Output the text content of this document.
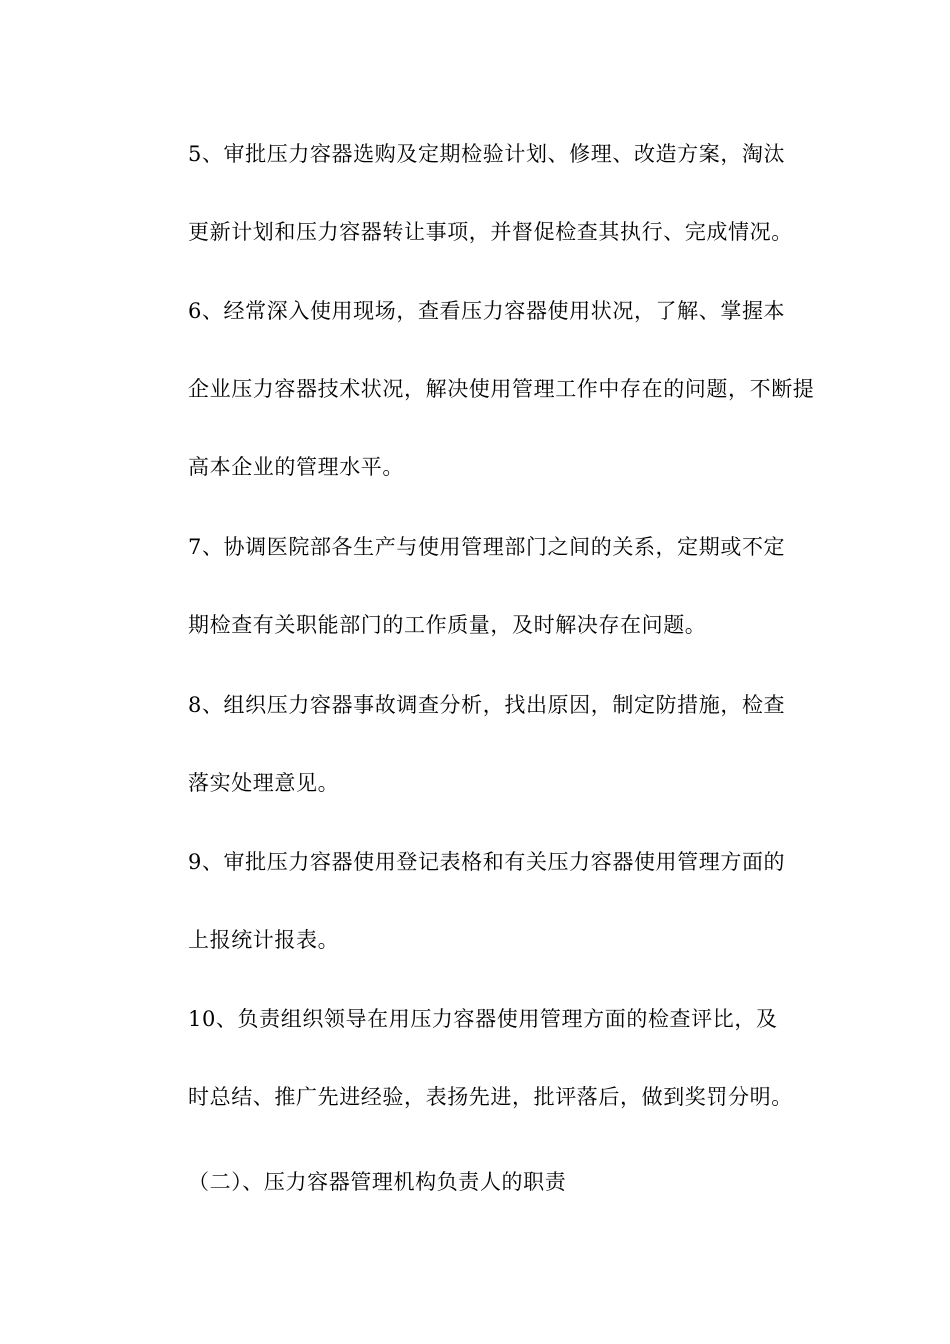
5、审批压力容器选购及定期检验计划、修理、改造方案，淘汰
更新计划和压力容器转让事项，并督促检查其执行、完成情况。

6、经常深入使用现场，查看压力容器使用状况，了解、掌握本
企业压力容器技术状况，解决使用管理工作中存在的问题，不断提
高本企业的管理水平。

7、协调医院部各生产与使用管理部门之间的关系，定期或不定
期检查有关职能部门的工作质量，及时解决存在问题。

8、组织压力容器事故调查分析，找出原因，制定防措施，检查
落实处理意见。

9、审批压力容器使用登记表格和有关压力容器使用管理方面的
上报统计报表。

10、负责组织领导在用压力容器使用管理方面的检查评比，及
时总结、推广先进经验，表扬先进，批评落后，做到奖罚分明。

（二）、压力容器管理机构负责人的职责
